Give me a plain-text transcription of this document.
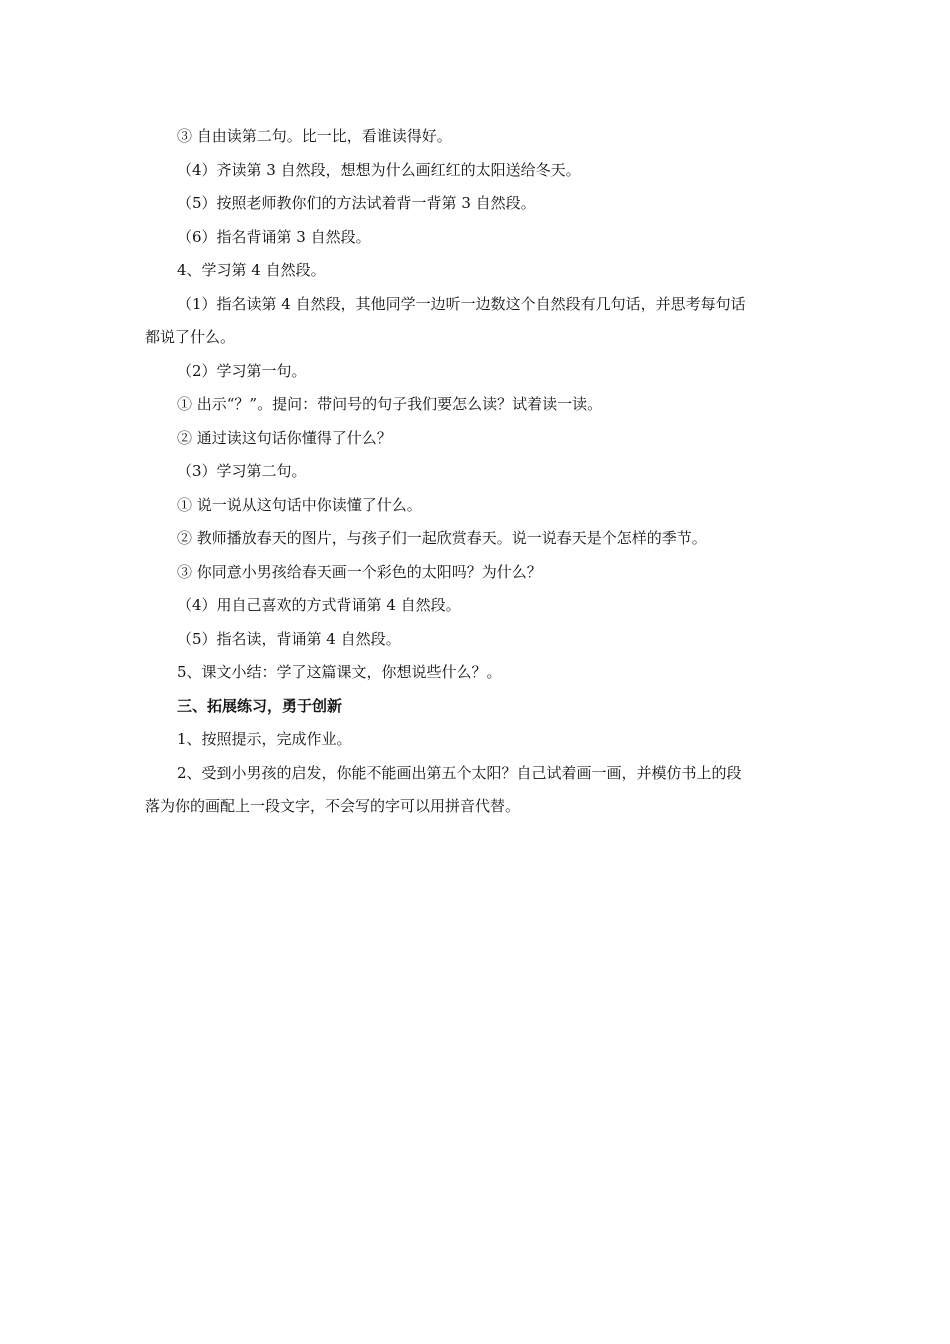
③ 自由读第二句。比一比，看谁读得好。
（4）齐读第 3 自然段，想想为什么画红红的太阳送给冬天。
（5）按照老师教你们的方法试着背一背第 3 自然段。
（6）指名背诵第 3 自然段。
4、学习第 4 自然段。
（1）指名读第 4 自然段，其他同学一边听一边数这个自然段有几句话，并思考每句话
都说了什么。
（2）学习第一句。
① 出示“？”。提问：带问号的句子我们要怎么读？试着读一读。
② 通过读这句话你懂得了什么？
（3）学习第二句。
① 说一说从这句话中你读懂了什么。
② 教师播放春天的图片，与孩子们一起欣赏春天。说一说春天是个怎样的季节。
③ 你同意小男孩给春天画一个彩色的太阳吗？为什么？
（4）用自己喜欢的方式背诵第 4 自然段。
（5）指名读，背诵第 4 自然段。
5、课文小结：学了这篇课文，你想说些什么？。
三、拓展练习，勇于创新
1、按照提示，完成作业。
2、受到小男孩的启发，你能不能画出第五个太阳？自己试着画一画，并模仿书上的段
落为你的画配上一段文字，不会写的字可以用拼音代替。
